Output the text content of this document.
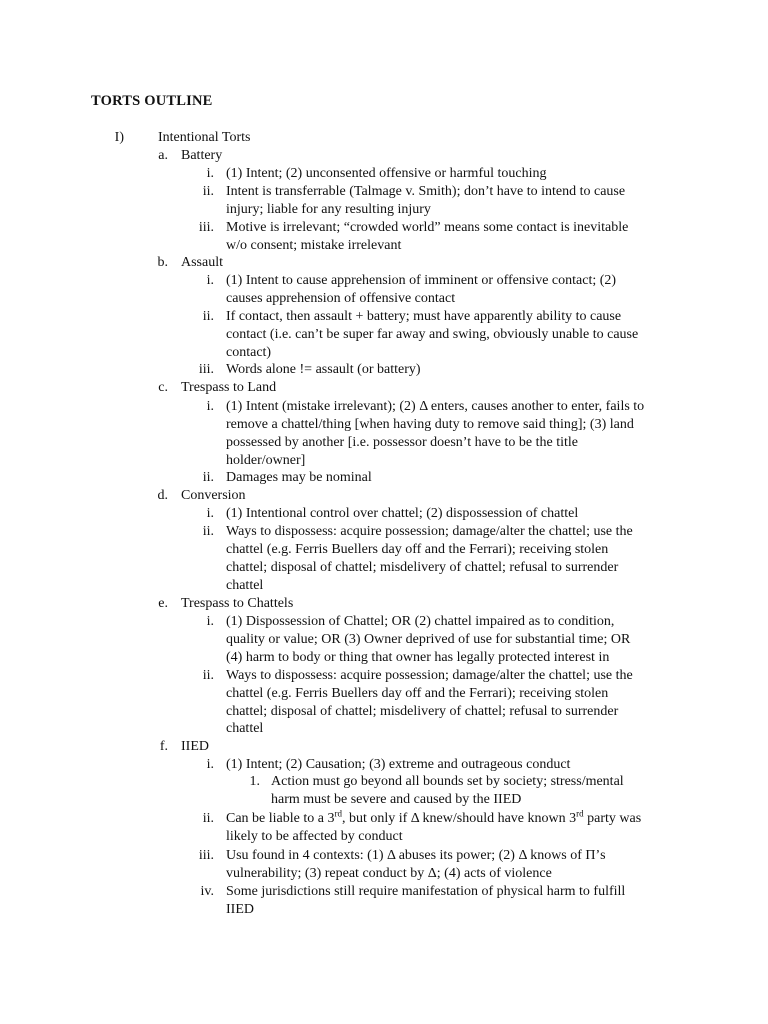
TORTS OUTLINE
I) Intentional Torts
a. Battery
b. Assault
c. Trespass to Land
d. Conversion
e. Trespass to Chattels
f. IIED
i. (1) Intent; (2) unconsented offensive or harmful touching
ii. Intent is transferrable (Talmage v. Smith); don’t have to intend to cause
injury; liable for any resulting injury
iii. Motive is irrelevant; “crowded world” means some contact is inevitable
w/o consent; mistake irrelevant
i. (1) Intent to cause apprehension of imminent or offensive contact; (2)
causes apprehension of offensive contact
ii. If contact, then assault + battery; must have apparently ability to cause
contact (i.e. can’t be super far away and swing, obviously unable to cause
contact)
iii. Words alone != assault (or battery)
i. (1) Intent (mistake irrelevant); (2) Δ enters, causes another to enter, fails to
remove a chattel/thing [when having duty to remove said thing]; (3) land
possessed by another [i.e. possessor doesn’t have to be the title
holder/owner]
ii. Damages may be nominal
i. (1) Intentional control over chattel; (2) dispossession of chattel
ii. Ways to dispossess: acquire possession; damage/alter the chattel; use the
chattel (e.g. Ferris Buellers day off and the Ferrari); receiving stolen
chattel; disposal of chattel; misdelivery of chattel; refusal to surrender
chattel
i. (1) Dispossession of Chattel; OR (2) chattel impaired as to condition,
quality or value; OR (3) Owner deprived of use for substantial time; OR
(4) harm to body or thing that owner has legally protected interest in
ii. Ways to dispossess: acquire possession; damage/alter the chattel; use the
chattel (e.g. Ferris Buellers day off and the Ferrari); receiving stolen
chattel; disposal of chattel; misdelivery of chattel; refusal to surrender
chattel
i. (1) Intent; (2) Causation; (3) extreme and outrageous conduct
1. Action must go beyond all bounds set by society; stress/mental
harm must be severe and caused by the IIED
ii. Can be liable to a 3rd, but only if Δ knew/should have known 3rd party was
likely to be affected by conduct
iii. Usu found in 4 contexts: (1) Δ abuses its power; (2) Δ knows of Π’s
vulnerability; (3) repeat conduct by Δ; (4) acts of violence
iv. Some jurisdictions still require manifestation of physical harm to fulfill
IIED
